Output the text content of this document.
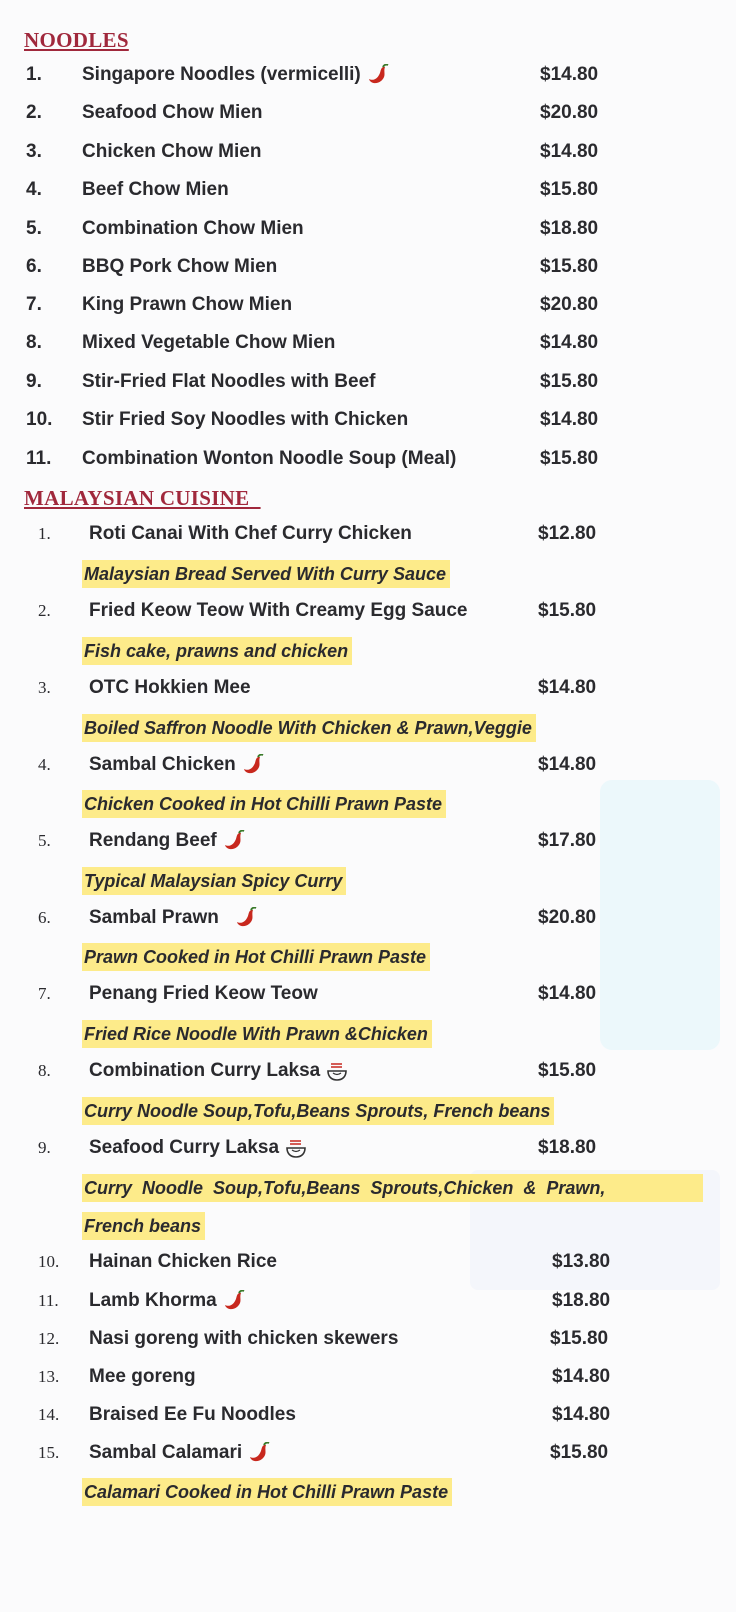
NOODLES
1. Singapore Noodles (vermicelli)	$14.80
2. Seafood Chow Mien	$20.80
3. Chicken Chow Mien	$14.80
4. Beef Chow Mien	$15.80
5. Combination Chow Mien	$18.80
6. BBQ Pork Chow Mien	$15.80
7. King Prawn Chow Mien	$20.80
8. Mixed Vegetable Chow Mien	$14.80
9. Stir-Fried Flat Noodles with Beef	$15.80
10. Stir Fried Soy Noodles with Chicken	$14.80
11. Combination Wonton Noodle Soup (Meal)	$15.80
MALAYSIAN CUISINE
1. Roti Canai With Chef Curry Chicken	$12.80
Malaysian Bread Served With Curry Sauce
2. Fried Keow Teow With Creamy Egg Sauce	$15.80
Fish cake, prawns and chicken
3. OTC Hokkien Mee	$14.80
Boiled Saffron Noodle With Chicken & Prawn,Veggie
4. Sambal Chicken	$14.80
Chicken Cooked in Hot Chilli Prawn Paste
5. Rendang Beef	$17.80
Typical Malaysian Spicy Curry
6. Sambal Prawn	$20.80
Prawn Cooked in Hot Chilli Prawn Paste
7. Penang Fried Keow Teow	$14.80
Fried Rice Noodle With Prawn &Chicken
8. Combination Curry Laksa	$15.80
Curry Noodle Soup,Tofu,Beans Sprouts, French beans
9. Seafood Curry Laksa	$18.80
Curry  Noodle  Soup,Tofu,Beans  Sprouts,Chicken  &  Prawn,
French beans
10. Hainan Chicken Rice	$13.80
11. Lamb Khorma	$18.80
12. Nasi goreng with chicken skewers	$15.80
13. Mee goreng	$14.80
14. Braised Ee Fu Noodles	$14.80
15. Sambal Calamari	$15.80
Calamari Cooked in Hot Chilli Prawn Paste
